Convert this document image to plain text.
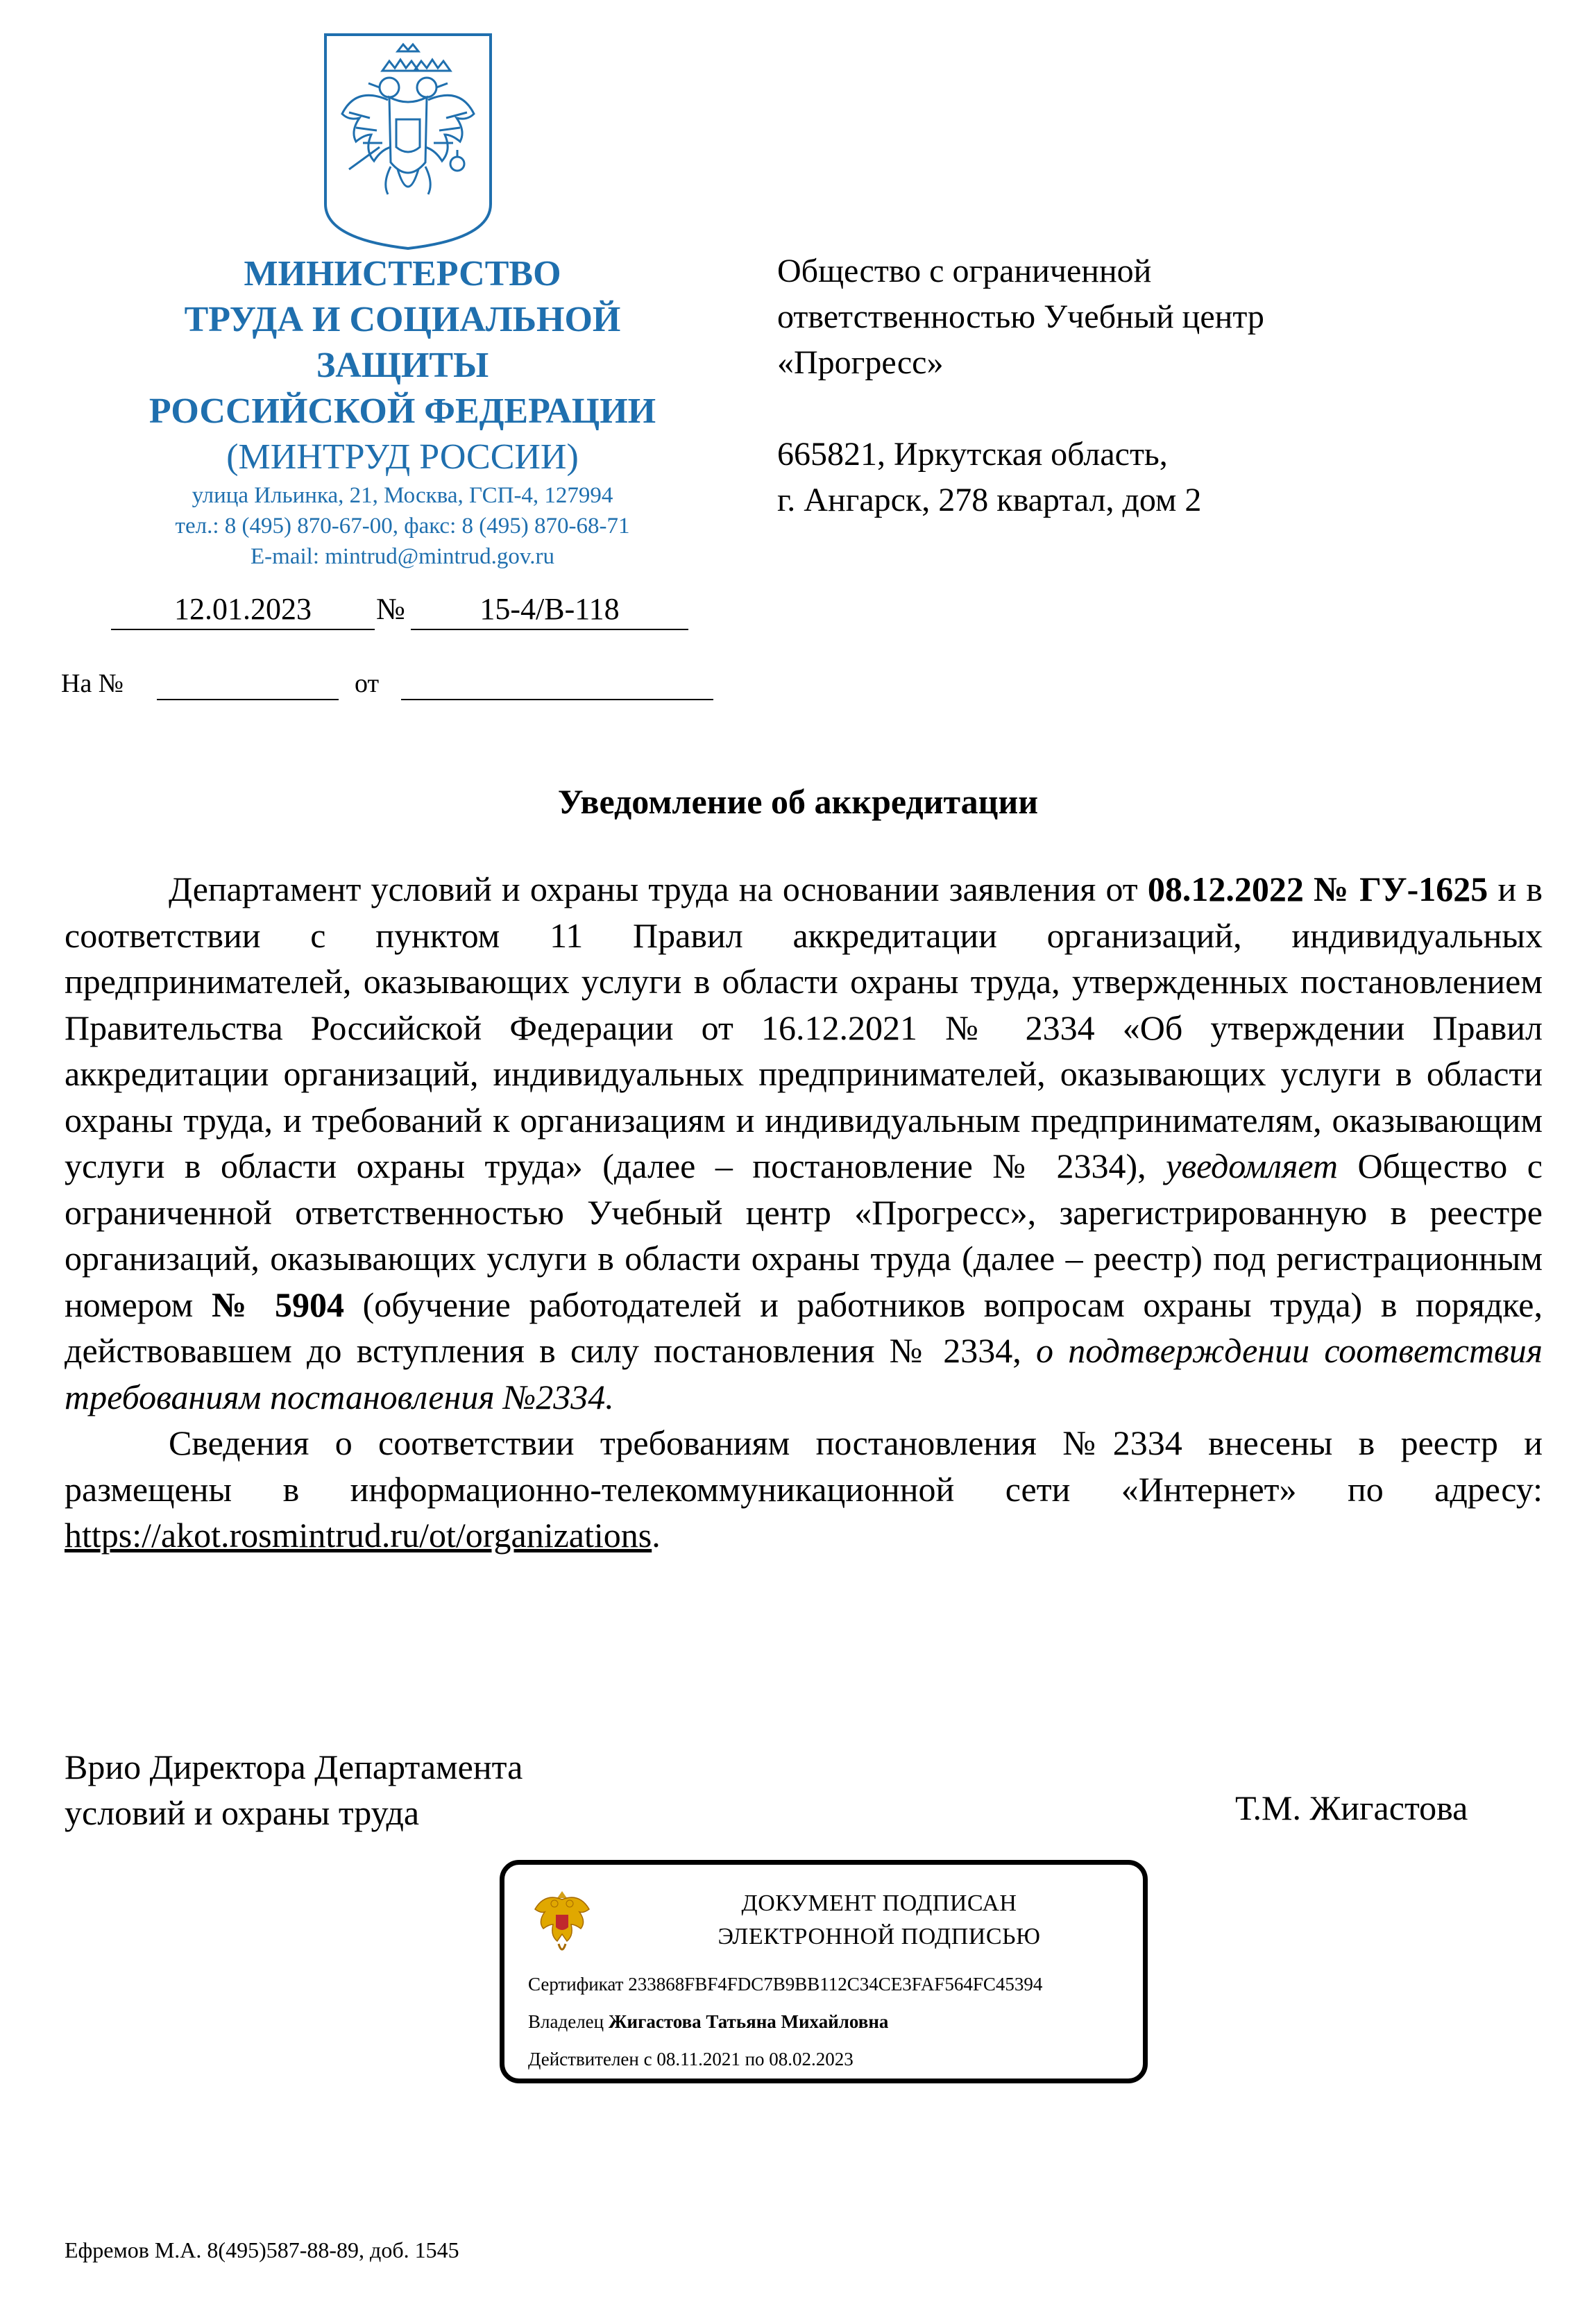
МИНИСТЕРСТВО
ТРУДА И СОЦИАЛЬНОЙ
ЗАЩИТЫ
РОССИЙСКОЙ ФЕДЕРАЦИИ
(МИНТРУД РОССИИ)
улица Ильинка, 21, Москва, ГСП-4, 127994
тел.: 8 (495) 870-67-00, факс: 8 (495) 870-68-71
E-mail: mintrud@mintrud.gov.ru
12.01.2023	№	15-4/В-118
На №	от
Общество с ограниченной
ответственностью Учебный центр
«Прогресс»
665821, Иркутская область,
г. Ангарск, 278 квартал, дом 2
Уведомление об аккредитации

Департамент условий и охраны труда на основании заявления от 08.12.2022 № ГУ-1625 и в соответствии с пунктом 11 Правил аккредитации организаций, индивидуальных предпринимателей, оказывающих услуги в области охраны труда, утвержденных постановлением Правительства Российской Федерации от 16.12.2021 № 2334 «Об утверждении Правил аккредитации организаций, индивидуальных предпринимателей, оказывающих услуги в области охраны труда, и требований к организациям и индивидуальным предпринимателям, оказывающим услуги в области охраны труда» (далее – постановление № 2334), уведомляет Общество с ограниченной ответственностью Учебный центр «Прогресс», зарегистрированную в реестре организаций, оказывающих услуги в области охраны труда (далее – реестр) под регистрационным номером № 5904 (обучение работодателей и работников вопросам охраны труда) в порядке, действовавшем до вступления в силу постановления № 2334, о подтверждении соответствия требованиям постановления №2334.

Сведения о соответствии требованиям постановления №2334 внесены в реестр и размещены в информационно-телекоммуникационной сети «Интернет» по адресу: https://akot.rosmintrud.ru/ot/organizations.

Врио Директора Департамента
условий и охраны труда	Т.М. Жигастова
ДОКУМЕНТ ПОДПИСАН
ЭЛЕКТРОННОЙ ПОДПИСЬЮ
Сертификат 233868FBF4FDC7B9BB112C34CE3FAF564FC45394
Владелец Жигастова Татьяна Михайловна
Действителен с 08.11.2021 по 08.02.2023
Ефремов М.А. 8(495)587-88-89, доб. 1545
